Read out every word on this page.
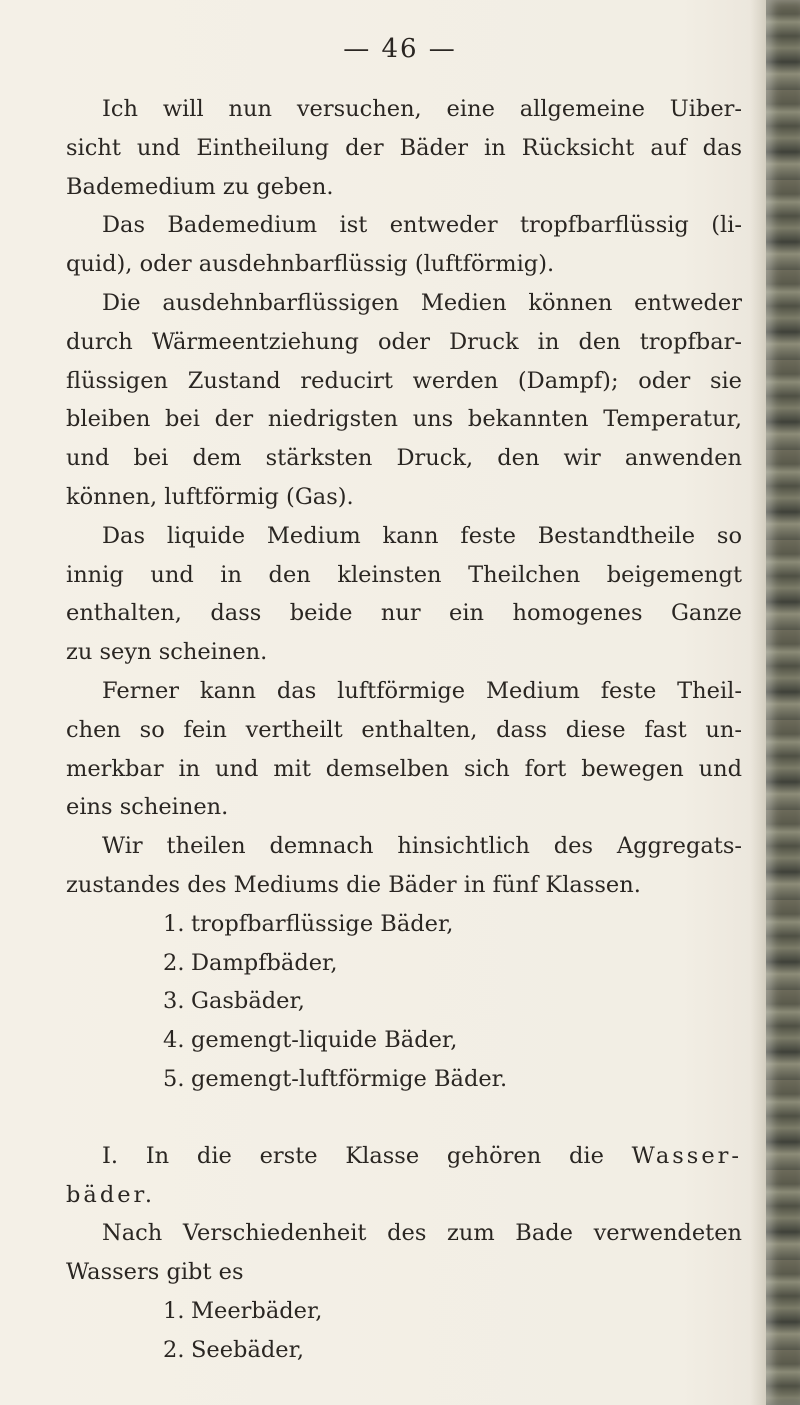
— 46 —
Ich will nun versuchen, eine allgemeine Uiber-
sicht und Eintheilung der Bäder in Rücksicht auf das
Bademedium zu geben.
Das Bademedium ist entweder tropfbarflüssig (li-
quid), oder ausdehnbarflüssig (luftförmig).
Die ausdehnbarflüssigen Medien können entweder
durch Wärmeentziehung oder Druck in den tropfbar-
flüssigen Zustand reducirt werden (Dampf); oder sie
bleiben bei der niedrigsten uns bekannten Temperatur,
und bei dem stärksten Druck, den wir anwenden
können, luftförmig (Gas).
Das liquide Medium kann feste Bestandtheile so
innig und in den kleinsten Theilchen beigemengt
enthalten, dass beide nur ein homogenes Ganze
zu seyn scheinen.
Ferner kann das luftförmige Medium feste Theil-
chen so fein vertheilt enthalten, dass diese fast un-
merkbar in und mit demselben sich fort bewegen und
eins scheinen.
Wir theilen demnach hinsichtlich des Aggregats-
zustandes des Mediums die Bäder in fünf Klassen.
1. tropfbarflüssige Bäder,
2. Dampfbäder,
3. Gasbäder,
4. gemengt-liquide Bäder,
5. gemengt-luftförmige Bäder.
I. In die erste Klasse gehören die Wasser-
bäder.
Nach Verschiedenheit des zum Bade verwendeten
Wassers gibt es
1. Meerbäder,
2. Seebäder,
